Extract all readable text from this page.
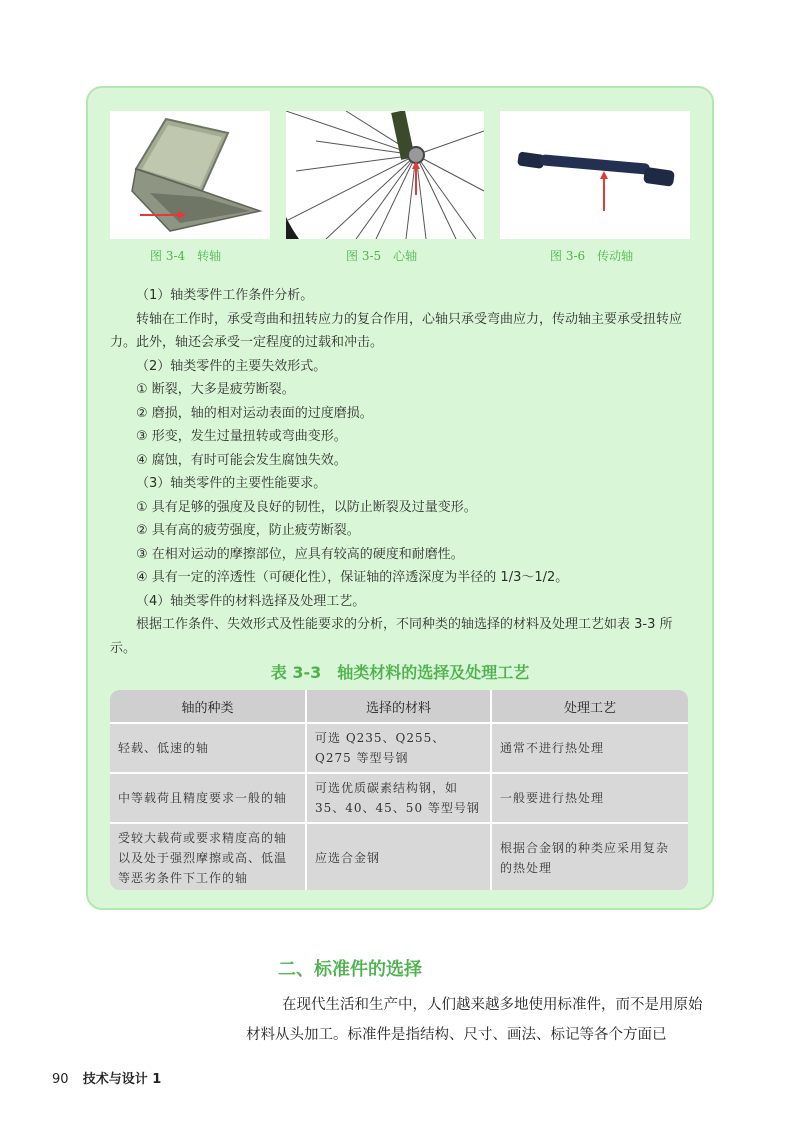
图 3-4　转轴	图 3-5　心轴	图 3-6　传动轴

（1）轴类零件工作条件分析。

转轴在工作时，承受弯曲和扭转应力的复合作用，心轴只承受弯曲应力，传动轴主要承受扭转应力。此外，轴还会承受一定程度的过载和冲击。

（2）轴类零件的主要失效形式。

① 断裂，大多是疲劳断裂。

② 磨损，轴的相对运动表面的过度磨损。

③ 形变，发生过量扭转或弯曲变形。

④ 腐蚀，有时可能会发生腐蚀失效。

（3）轴类零件的主要性能要求。

① 具有足够的强度及良好的韧性，以防止断裂及过量变形。

② 具有高的疲劳强度，防止疲劳断裂。

③ 在相对运动的摩擦部位，应具有较高的硬度和耐磨性。

④ 具有一定的淬透性（可硬化性），保证轴的淬透深度为半径的 1/3～1/2。

（4）轴类零件的材料选择及处理工艺。

根据工作条件、失效形式及性能要求的分析，不同种类的轴选择的材料及处理工艺如表 3-3 所示。

表 3-3　轴类材料的选择及处理工艺
轴的种类	选择的材料	处理工艺
轻载、低速的轴	可选 Q235、Q255、Q275 等型号钢	通常不进行热处理
中等载荷且精度要求一般的轴	可选优质碳素结构钢，如 35、40、45、50 等型号钢	一般要进行热处理
受较大载荷或要求精度高的轴以及处于强烈摩擦或高、低温等恶劣条件下工作的轴	应选合金钢	根据合金钢的种类应采用复杂的热处理
二、标准件的选择

在现代生活和生产中，人们越来越多地使用标准件，而不是用原始材料从头加工。标准件是指结构、尺寸、画法、标记等各个方面已

90 技术与设计 1
